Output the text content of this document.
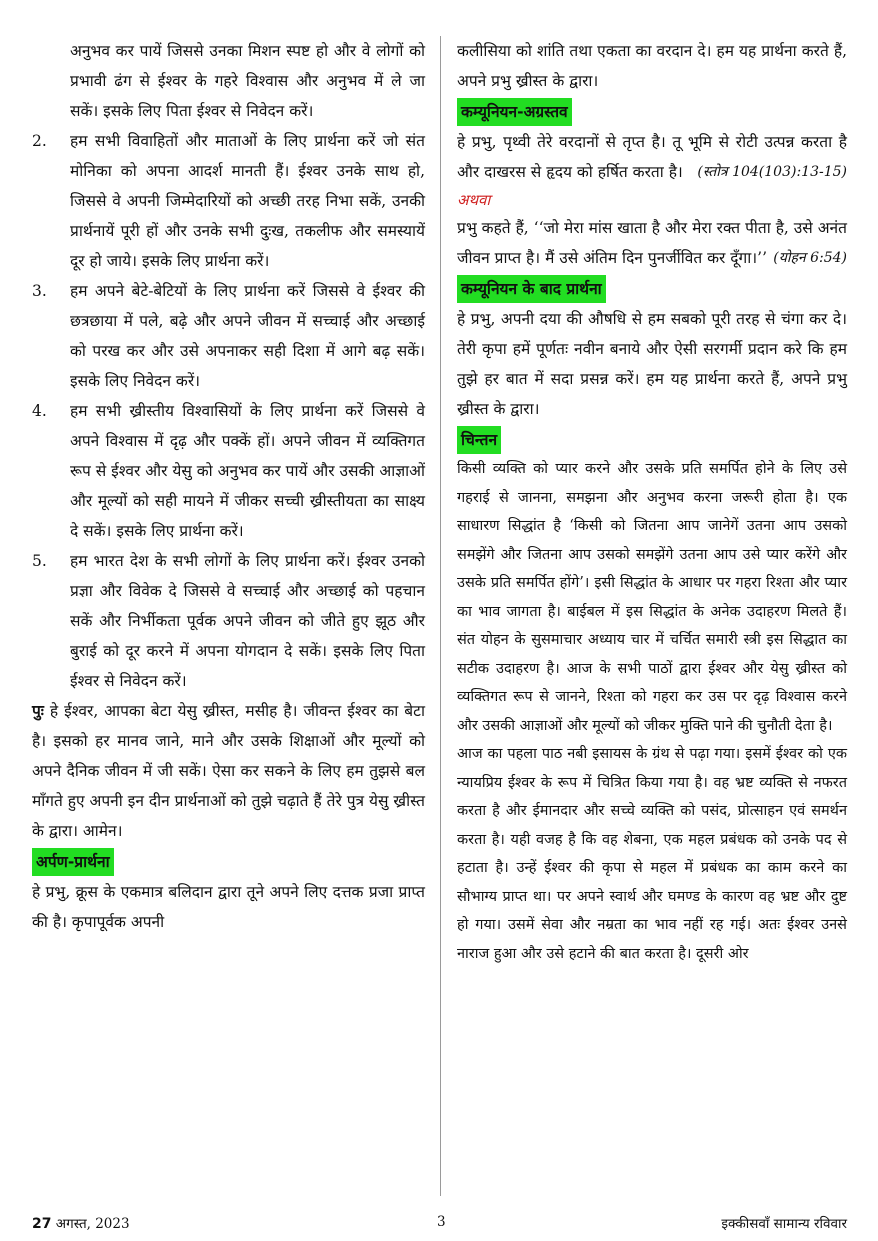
अनुभव कर पायें जिससे उनका मिशन स्पष्ट हो और वे लोगों को प्रभावी ढंग से ईश्वर के गहरे विश्वास और अनुभव में ले जा सकें। इसके लिए पिता ईश्वर से निवेदन करें।

2.	हम सभी विवाहितों और माताओं के लिए प्रार्थना करें जो संत मोनिका को अपना आदर्श मानती हैं। ईश्वर उनके साथ हो, जिससे वे अपनी जिम्मेदारियों को अच्छी तरह निभा सकें, उनकी प्रार्थनायें पूरी हों और उनके सभी दुःख, तकलीफ और समस्यायें दूर हो जाये। इसके लिए प्रार्थना करें।
3.	हम अपने बेटे-बेटियों के लिए प्रार्थना करें जिससे वे ईश्वर की छत्रछाया में पले, बढ़े और अपने जीवन में सच्चाई और अच्छाई को परख कर और उसे अपनाकर सही दिशा में आगे बढ़ सकें। इसके लिए निवेदन करें।
4.	हम सभी ख्रीस्तीय विश्वासियों के लिए प्रार्थना करें जिससे वे अपने विश्वास में दृढ़ और पक्कें हों। अपने जीवन में व्यक्तिगत रूप से ईश्वर और येसु को अनुभव कर पायें और उसकी आज्ञाओं और मूल्यों को सही मायने में जीकर सच्ची ख्रीस्तीयता का साक्ष्य दे सकें। इसके लिए प्रार्थना करें।
5.	हम भारत देश के सभी लोगों के लिए प्रार्थना करें। ईश्वर उनको प्रज्ञा और विवेक दे जिससे वे सच्चाई और अच्छाई को पहचान सकें और निर्भीकता पूर्वक अपने जीवन को जीते हुए झूठ और बुराई को दूर करने में अपना योगदान दे सकें। इसके लिए पिता ईश्वर से निवेदन करें।

पुः हे ईश्वर, आपका बेटा येसु ख्रीस्त, मसीह है। जीवन्त ईश्वर का बेटा है। इसको हर मानव जाने, माने और उसके शिक्षाओं और मूल्यों को अपने दैनिक जीवन में जी सकें। ऐसा कर सकने के लिए हम तुझसे बल माँगते हुए अपनी इन दीन प्रार्थनाओं को तुझे चढ़ाते हैं तेरे पुत्र येसु ख्रीस्त के द्वारा। आमेन।

अर्पण-प्रार्थना

हे प्रभु, क्रूस के एकमात्र बलिदान द्वारा तूने अपने लिए दत्तक प्रजा प्राप्त की है। कृपापूर्वक अपनी

कलीसिया को शांति तथा एकता का वरदान दे। हम यह प्रार्थना करते हैं, अपने प्रभु ख्रीस्त के द्वारा।

कम्यूनियन-अग्रस्तव

हे प्रभु, पृथ्वी तेरे वरदानों से तृप्त है। तू भूमि से रोटी उत्पन्न करता है और दाखरस से हृदय को हर्षित करता है। (स्तोत्र 104(103):13-15)

अथवा

प्रभु कहते हैं, ‘‘जो मेरा मांस खाता है और मेरा रक्त पीता है, उसे अनंत जीवन प्राप्त है। मैं उसे अंतिम दिन पुनर्जीवित कर दूँगा।’’ (योहन 6:54)

कम्यूनियन के बाद प्रार्थना

हे प्रभु, अपनी दया की औषधि से हम सबको पूरी तरह से चंगा कर दे। तेरी कृपा हमें पूर्णतः नवीन बनाये और ऐसी सरगर्मी प्रदान करे कि हम तुझे हर बात में सदा प्रसन्न करें। हम यह प्रार्थना करते हैं, अपने प्रभु ख्रीस्त के द्वारा।

चिन्तन

किसी व्यक्ति को प्यार करने और उसके प्रति समर्पित होने के लिए उसे गहराई से जानना, समझना और अनुभव करना जरूरी होता है। एक साधारण सिद्धांत है ‘किसी को जितना आप जानेगें उतना आप उसको समझेंगे और जितना आप उसको समझेंगे उतना आप उसे प्यार करेंगे और उसके प्रति समर्पित होंगे’। इसी सिद्धांत के आधार पर गहरा रिश्ता और प्यार का भाव जागता है। बाईबल में इस सिद्धांत के अनेक उदाहरण मिलते हैं। संत योहन के सुसमाचार अध्याय चार में चर्चित समारी स्त्री इस सिद्धात का सटीक उदाहरण है। आज के सभी पाठों द्वारा ईश्वर और येसु ख्रीस्त को व्यक्तिगत रूप से जानने, रिश्ता को गहरा कर उस पर दृढ़ विश्वास करने और उसकी आज्ञाओं और मूल्यों को जीकर मुक्ति पाने की चुनौती देता है।

आज का पहला पाठ नबी इसायस के ग्रंथ से पढ़ा गया। इसमें ईश्वर को एक न्यायप्रिय ईश्वर के रूप में चित्रित किया गया है। वह भ्रष्ट व्यक्ति से नफरत करता है और ईमानदार और सच्चे व्यक्ति को पसंद, प्रोत्साहन एवं समर्थन करता है। यही वजह है कि वह शेबना, एक महल प्रबंधक को उनके पद से हटाता है। उन्हें ईश्वर की कृपा से महल में प्रबंधक का काम करने का सौभाग्य प्राप्त था। पर अपने स्वार्थ और घमण्ड के कारण वह भ्रष्ट और दुष्ट हो गया। उसमें सेवा और नम्रता का भाव नहीं रह गई। अतः ईश्वर उनसे नाराज हुआ और उसे हटाने की बात करता है। दूसरी ओर

27 अगस्त, 2023	3	इक्कीसवाँ सामान्य रविवार
